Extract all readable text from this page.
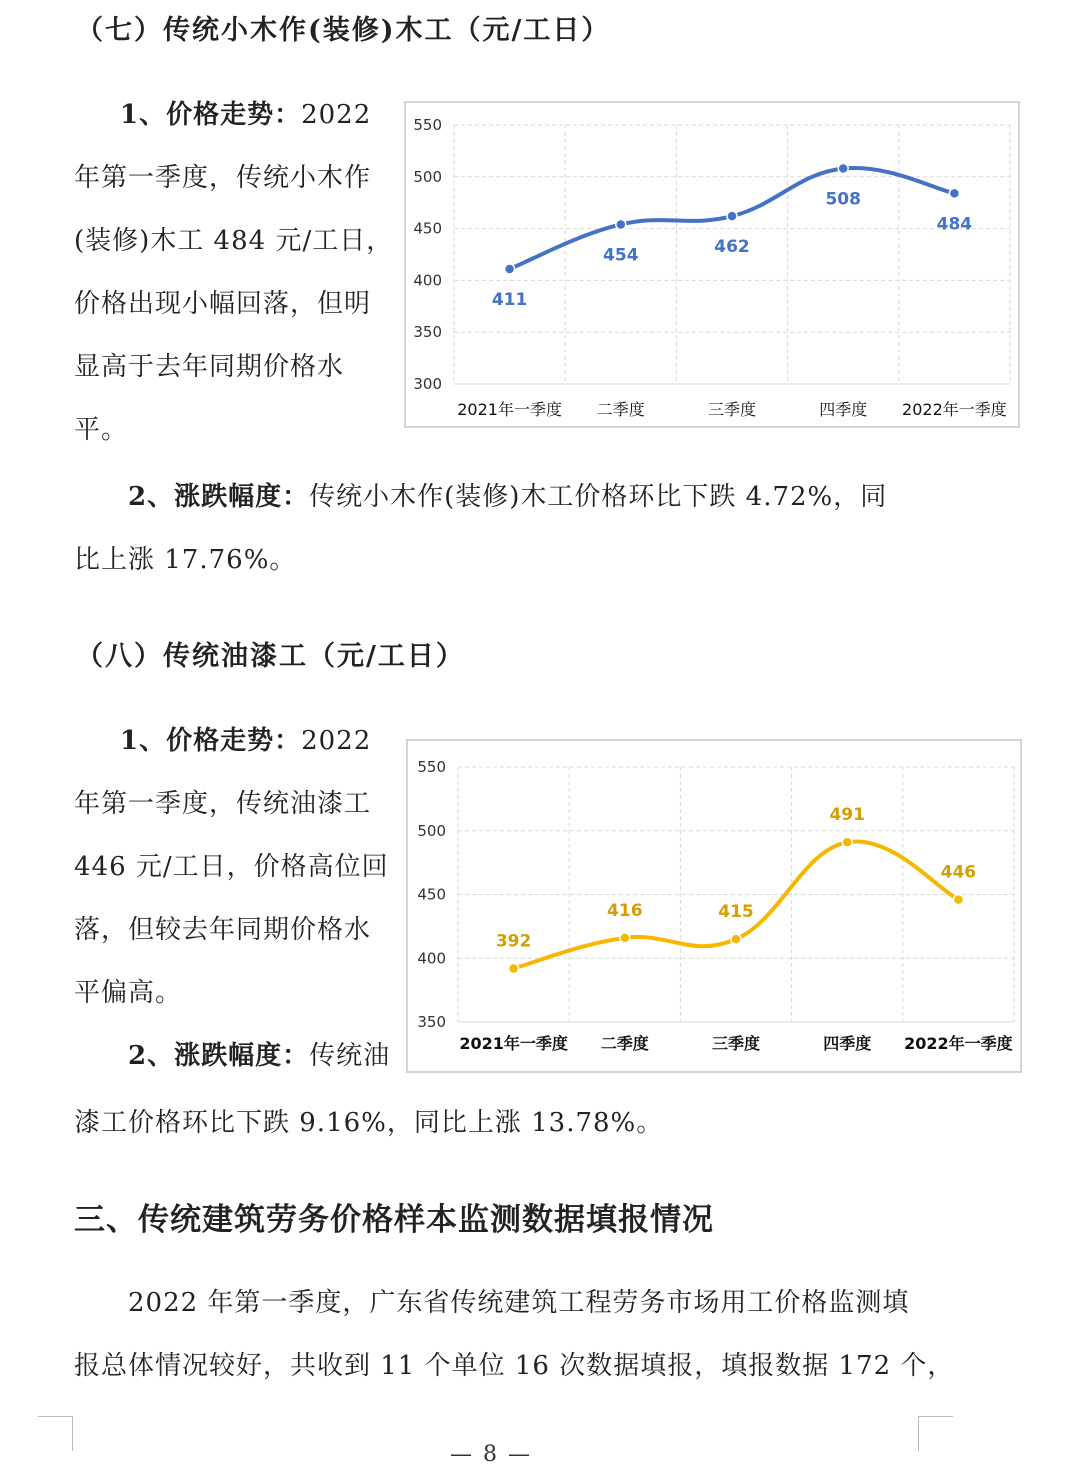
（七）传统小木作(装修)木工（元/工日）
1、价格走势：2022
年第一季度，传统小木作
(装修)木工 484 元/工日，
价格出现小幅回落，但明
显高于去年同期价格水
平。
550
500
450
400
350
300
2021年一季度 二季度	三季度	四季度 2022年一季度
411
454	462
508
484
2、涨跌幅度：传统小木作(装修)木工价格环比下跌 4.72%，同
比上涨 17.76%。
（八）传统油漆工（元/工日）
1、价格走势：2022
年第一季度，传统油漆工
446 元/工日，价格高位回
落，但较去年同期价格水
平偏高。
2、涨跌幅度：传统油
550
500
450
400
350
2021年一季度 二季度	三季度	四季度 2022年一季度
392
416	415
491
446
漆工价格环比下跌 9.16%，同比上涨 13.78%。
三、传统建筑劳务价格样本监测数据填报情况
2022 年第一季度，广东省传统建筑工程劳务市场用工价格监测填
报总体情况较好，共收到 11 个单位 16 次数据填报，填报数据 172 个，
— 8 —
